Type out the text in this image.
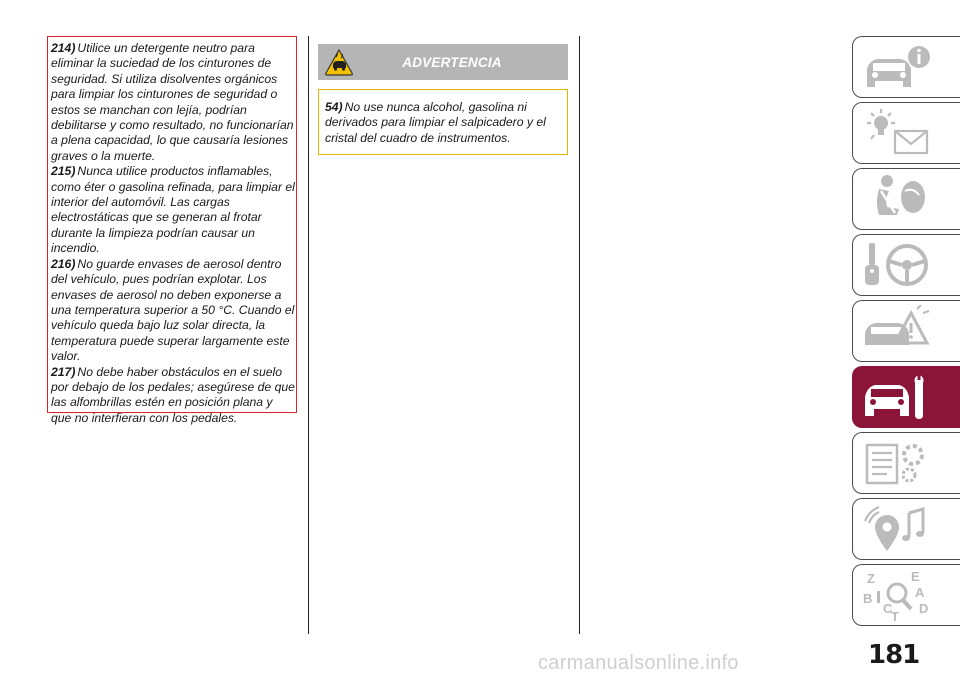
214) Utilice un detergente neutro para eliminar la suciedad de los cinturones de seguridad. Si utiliza disolventes orgánicos para limpiar los cinturones de seguridad o estos se manchan con lejía, podrían debilitarse y como resultado, no funcionarían a plena capacidad, lo que causaría lesiones graves o la muerte.

215) Nunca utilice productos inflamables, como éter o gasolina refinada, para limpiar el interior del automóvil. Las cargas electrostáticas que se generan al frotar durante la limpieza podrían causar un incendio.

216) No guarde envases de aerosol dentro del vehículo, pues podrían explotar. Los envases de aerosol no deben exponerse a una temperatura superior a 50 °C. Cuando el vehículo queda bajo luz solar directa, la temperatura puede superar largamente este valor.

217) No debe haber obstáculos en el suelo por debajo de los pedales; asegúrese de que las alfombrillas estén en posición plana y que no interfieran con los pedales.

ADVERTENCIA
54) No use nunca alcohol, gasolina ni derivados para limpiar el salpicadero y el cristal del cuadro de instrumentos.
Z	E
A
B
C D
T
181
carmanualsonline.info
